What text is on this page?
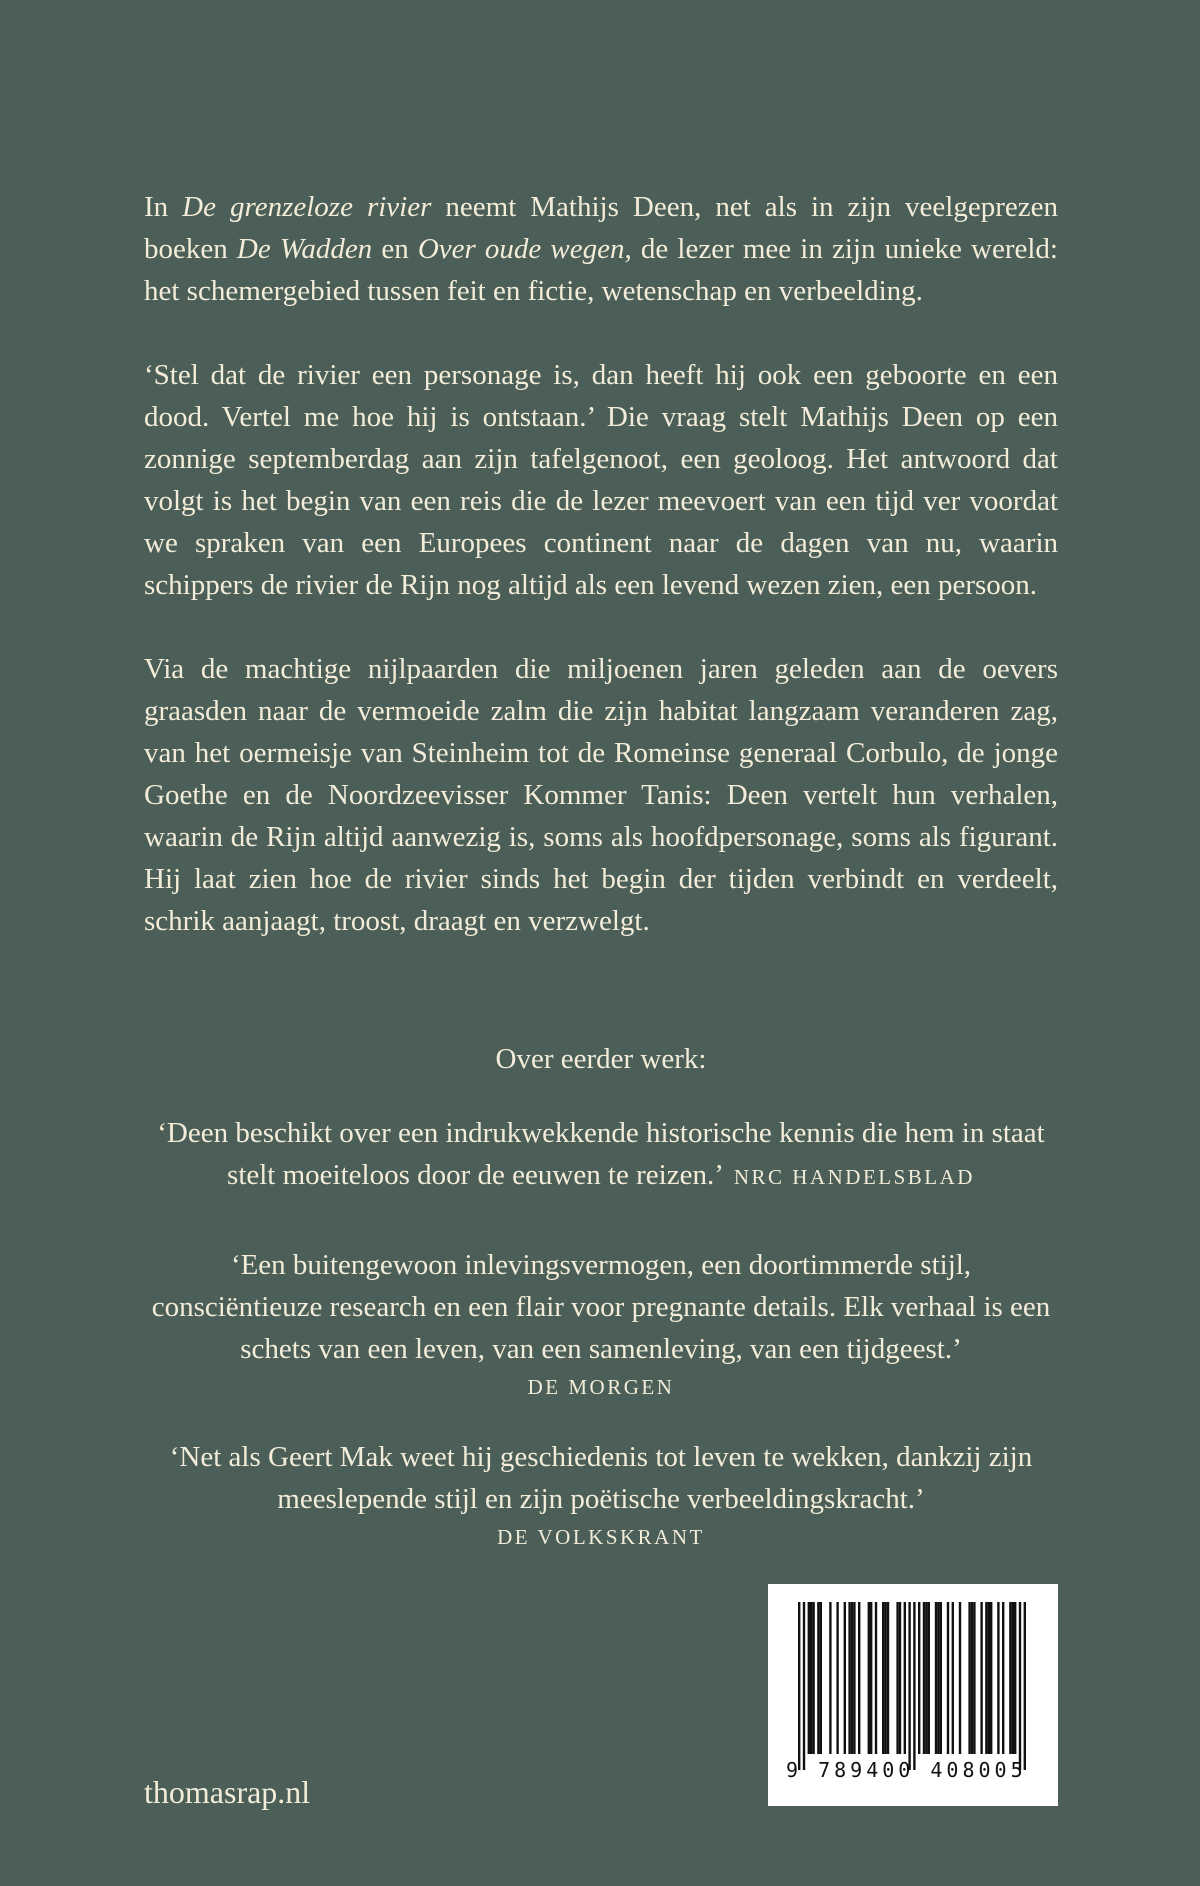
In De grenzeloze rivier neemt Mathijs Deen, net als in zijn veelgeprezen boeken De Wadden en Over oude wegen, de lezer mee in zijn unieke wereld: het schemergebied tussen feit en fictie, wetenschap en verbeelding.

‘Stel dat de rivier een personage is, dan heeft hij ook een geboorte en een dood. Vertel me hoe hij is ontstaan.’ Die vraag stelt Mathijs Deen op een zonnige septemberdag aan zijn tafelgenoot, een geoloog. Het antwoord dat volgt is het begin van een reis die de lezer meevoert van een tijd ver voordat we spraken van een Europees continent naar de dagen van nu, waarin schippers de rivier de Rijn nog altijd als een levend wezen zien, een persoon.

Via de machtige nijlpaarden die miljoenen jaren geleden aan de oevers graasden naar de vermoeide zalm die zijn habitat langzaam veranderen zag, van het oermeisje van Steinheim tot de Romeinse generaal Corbulo, de jonge Goethe en de Noordzeevisser Kommer Tanis: Deen vertelt hun verhalen, waarin de Rijn altijd aanwezig is, soms als hoofdpersonage, soms als figurant. Hij laat zien hoe de rivier sinds het begin der tijden verbindt en verdeelt, schrik aanjaagt, troost, draagt en verzwelgt.

Over eerder werk:
‘Deen beschikt over een indrukwekkende historische kennis die hem in staat stelt moeiteloos door de eeuwen te reizen.’ NRC HANDELSBLAD
‘Een buitengewoon inlevingsvermogen, een doortimmerde stijl, consciëntieuze research en een flair voor pregnante details. Elk verhaal is een schets van een leven, van een samenleving, van een tijdgeest.’
DE MORGEN
‘Net als Geert Mak weet hij geschiedenis tot leven te wekken, dankzij zijn meeslepende stijl en zijn poëtische verbeeldingskracht.’
DE VOLKSKRANT
thomasrap.nl
9 789400 408005
